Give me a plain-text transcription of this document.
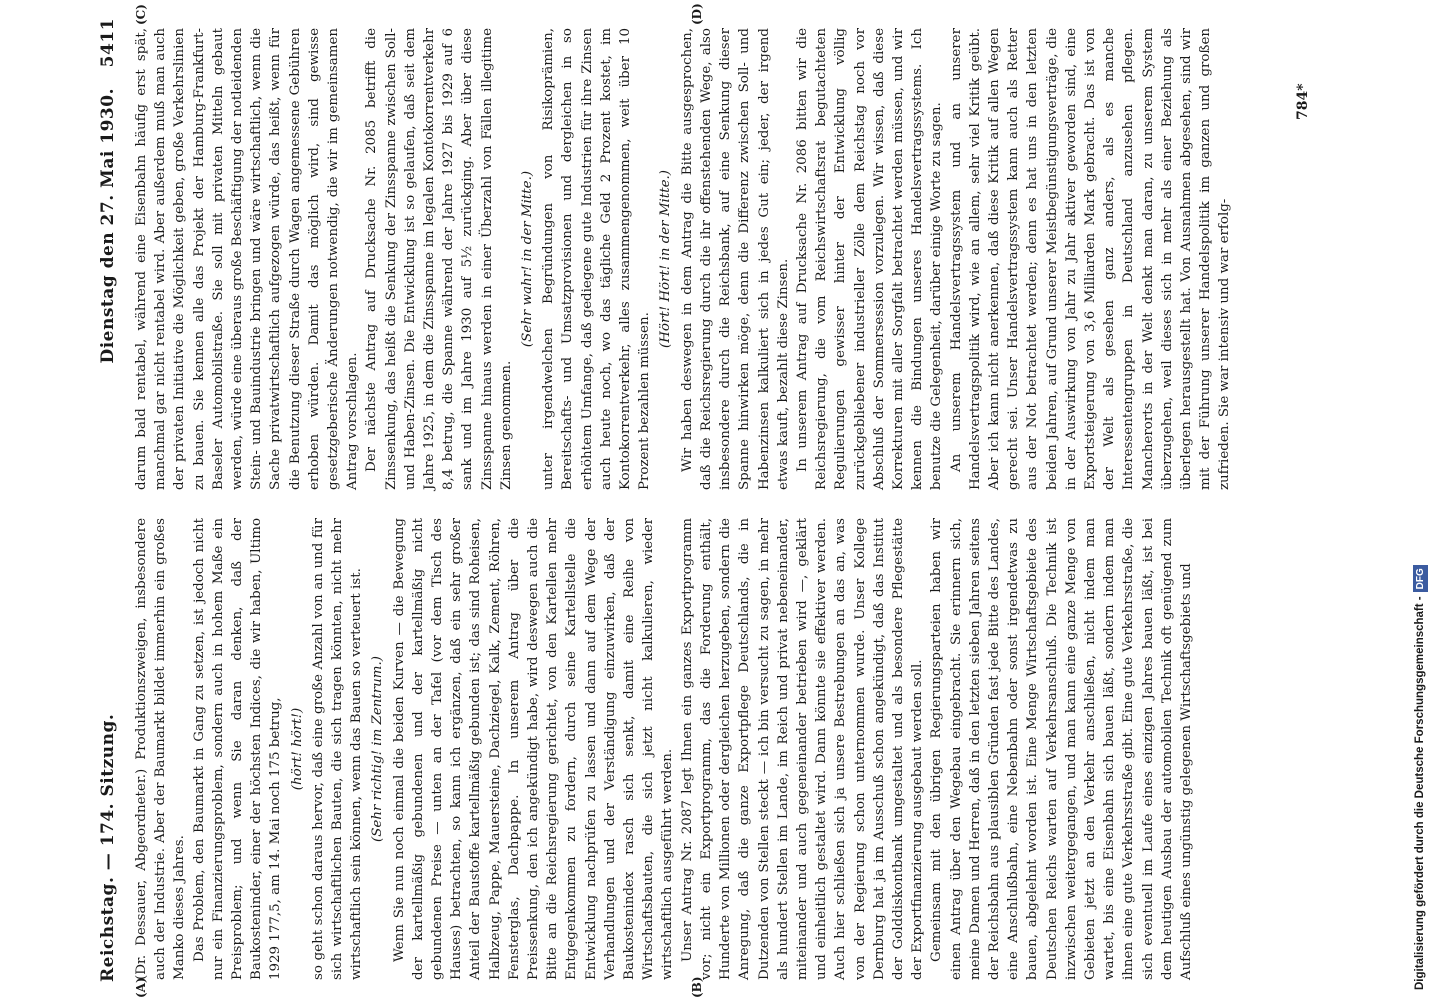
Reichstag. — 174. Sitzung.
Dienstag den 27. Mai 1930.
5411

(Dr. Dessauer, Abgeordneter.) Produktionszweigen, insbesondere auch der Industrie. Aber der Baumarkt bildet immerhin ein großes Manko dieses Jahres. Das Problem, den Baumarkt in Gang zu setzen, ist jedoch nicht nur ein Finanzierungsproblem, sondern auch in hohem Maße ein Preisproblem; und wenn Sie daran denken, daß der Baukosteninder, einer der höchsten Indices, die wir haben, Ultimo 1929 177,5, am 14. Mai noch 175 betrug, (hört! hört!) so geht schon daraus hervor, daß eine große Anzahl von an und für sich wirtschaftlichen Bauten, die sich tragen könnten, nicht mehr wirtschaftlich sein können, wenn das Bauen so verteuert ist. (Sehr richtig! im Zentrum.) Wenn Sie nun noch einmal die beiden Kurven — die Bewegung der kartellmäßig gebundenen und der kartellmäßig nicht gebundenen Preise — unten an der Tafel (vor dem Tisch des Hauses) betrachten, so kann ich ergänzen, daß ein sehr großer Anteil der Baustoffe kartellmäßig gebunden ist; das sind Roheisen, Halbzeug, Pappe, Mauersteine, Dachziegel, Kalk, Zement, Röhren, Fensterglas, Dachpappe. In unserem Antrag über die Preissenkung, den ich angekündigt habe, wird deswegen auch die Bitte an die Reichsregierung gerichtet, von den Kartellen mehr Entgegenkommen zu fordern, durch seine Kartellstelle die Entwicklung nachprüfen zu lassen und dann auf dem Wege der Verhandlungen und der Verständigung einzuwirken, daß der Baukostenindex rasch sich senkt, damit eine Reihe von Wirtschaftsbauten, die sich jetzt nicht kalkulieren, wieder wirtschaftlich ausgeführt werden. Unser Antrag Nr. 2087 legt Ihnen ein ganzes Exportprogramm vor; nicht ein Exportprogramm, das die Forderung enthält, Hunderte von Millionen oder dergleichen herzugeben, sondern die Anregung, daß die ganze Exportpflege Deutschlands, die in Dutzenden von Stellen steckt — ich bin versucht zu sagen, in mehr als hundert Stellen im Lande, im Reich und privat nebeneinander, miteinander und auch gegeneinander betrieben wird —, geklärt und einheitlich gestaltet wird. Dann könnte sie effektiver werden. Auch hier schließen sich ja unsere Bestrebungen an das an, was von der Regierung schon unternommen wurde. Unser Kollege Dernburg hat ja im Ausschuß schon angekündigt, daß das Institut der Golddiskontbank umgestaltet und als besondere Pflegestätte der Exportfinanzierung ausgebaut werden soll. Gemeinsam mit den übrigen Regierungsparteien haben wir einen Antrag über den Wegebau eingebracht. Sie erinnern sich, meine Damen und Herren, daß in den letzten sieben Jahren seitens der Reichsbahn aus plausiblen Gründen fast jede Bitte des Landes, eine Anschlußbahn, eine Nebenbahn oder sonst irgendetwas zu bauen, abgelehnt worden ist. Eine Menge Wirtschaftsgebiete des Deutschen Reichs warten auf Verkehrsanschluß. Die Technik ist inzwischen weitergegangen, und man kann eine ganze Menge von Gebieten jetzt an den Verkehr anschließen, nicht indem man wartet, bis eine Eisenbahn sich bauen läßt, sondern indem man ihnen eine gute Verkehrsstraße gibt. Eine gute Verkehrsstraße, die sich eventuell im Laufe eines einzigen Jahres bauen läßt, ist bei dem heutigen Ausbau der automobilen Technik oft genügend zum Aufschluß eines ungünstig gelegenen Wirtschaftsgebiets und

darum bald rentabel, während eine Eisenbahn häufig erst spät, manchmal gar nicht rentabel wird. Aber außerdem muß man auch der privaten Initiative die Möglichkeit geben, große Verkehrslinien zu bauen. Sie kennen alle das Projekt der Hamburg-Frankfurt-Baseler Automobilstraße. Sie soll mit privaten Mitteln gebaut werden, würde eine überaus große Beschäftigung der notleidenden Stein- und Bauindustrie bringen und wäre wirtschaftlich, wenn die Sache privatwirtschaftlich aufgezogen würde, das heißt, wenn für die Benutzung dieser Straße durch Wagen angemessene Gebühren erhoben würden. Damit das möglich wird, sind gewisse gesetzgeberische Änderungen notwendig, die wir im gemeinsamen Antrag vorschlagen. Der nächste Antrag auf Drucksache Nr. 2085 betrifft die Zinssenkung, das heißt die Senkung der Zinsspanne zwischen Soll- und Haben-Zinsen. Die Entwicklung ist so gelaufen, daß seit dem Jahre 1925, in dem die Zinsspanne im legalen Kontokorrentverkehr 8,4 betrug, die Spanne während der Jahre 1927 bis 1929 auf 6 sank und im Jahre 1930 auf 5½ zurückging. Aber über diese Zinsspanne hinaus werden in einer Überzahl von Fällen illegitime Zinsen genommen.

(Sehr wahr! in der Mitte.) unter irgendwelchen Begründungen von Risikoprämien, Bereitschafts- und Umsatzprovisionen und dergleichen in so erhöhtem Umfange, daß gediegene gute Industrien für ihre Zinsen auch heute noch, wo das tägliche Geld 2 Prozent kostet, im Kontokorrentverkehr, alles zusammengenommen, weit über 10 Prozent bezahlen müssen.

(Hört! Hört! in der Mitte.) Wir haben deswegen in dem Antrag die Bitte ausgesprochen, daß die Reichsregierung durch die ihr offenstehenden Wege, also insbesondere durch die Reichsbank, auf eine Senkung dieser Spanne hinwirken möge, denn die Differenz zwischen Soll- und Habenzinsen kalkuliert sich in jedes Gut ein; jeder, der irgend etwas kauft, bezahlt diese Zinsen. In unserem Antrag auf Drucksache Nr. 2086 bitten wir die Reichsregierung, die vom Reichswirtschaftsrat begutachteten Regulierungen gewisser hinter der Entwicklung völlig zurückgebliebener industrieller Zölle dem Reichstag noch vor Abschluß der Sommersession vorzulegen. Wir wissen, daß diese Korrekturen mit aller Sorgfalt betrachtet werden müssen, und wir kennen die Bindungen unseres Handelsvertragssystems. Ich benutze die Gelegenheit, darüber einige Worte zu sagen. An unserem Handelsvertragssystem und an unserer Handelsvertragspolitik wird, wie an allem, sehr viel Kritik geübt. Aber ich kann nicht anerkennen, daß diese Kritik auf allen Wegen gerecht sei. Unser Handelsvertragssystem kann auch als Retter aus der Not betrachtet werden; denn es hat uns in den letzten beiden Jahren, auf Grund unserer Meistbegünstigungsverträge, die in der Auswirkung von Jahr zu Jahr aktiver geworden sind, eine Exportsteigerung von 3,6 Milliarden Mark gebracht. Das ist von der Welt als gesehen ganz anders, als es manche Interessentengruppen in Deutschland anzusehen pflegen. Mancherorts in der Welt denkt man daran, zu unserem System überzugehen, weil dieses sich in mehr als einer Beziehung als überlegen herausgestellt hat. Von Ausnahmen abgesehen, sind wir mit der Führung unserer Handelspolitik im ganzen und großen zufrieden. Sie war intensiv und war erfolg-

(A)	(B)
(C)	(D)
784*
Digitalisierung gefördert durch die Deutsche Forschungsgemeinschaft -DFG
